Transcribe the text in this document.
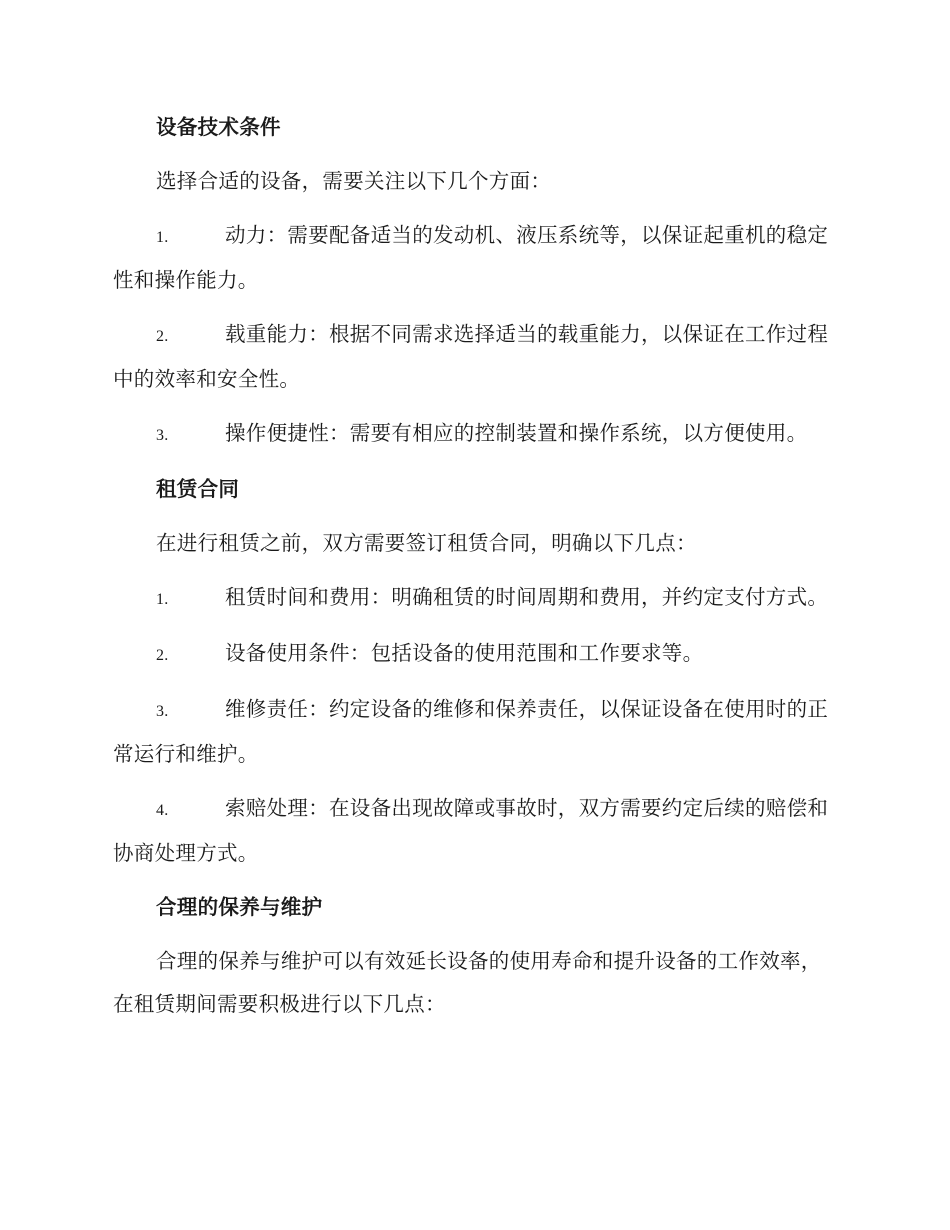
设备技术条件

选择合适的设备，需要关注以下几个方面：

1.	动力：需要配备适当的发动机、液压系统等，以保证起重机的稳定性和操作能力。

2.	载重能力：根据不同需求选择适当的载重能力，以保证在工作过程中的效率和安全性。

3.	操作便捷性：需要有相应的控制装置和操作系统，以方便使用。

租赁合同

在进行租赁之前，双方需要签订租赁合同，明确以下几点：

1.	租赁时间和费用：明确租赁的时间周期和费用，并约定支付方式。

2.	设备使用条件：包括设备的使用范围和工作要求等。

3.	维修责任：约定设备的维修和保养责任，以保证设备在使用时的正常运行和维护。

4.	索赔处理：在设备出现故障或事故时，双方需要约定后续的赔偿和协商处理方式。

合理的保养与维护

合理的保养与维护可以有效延长设备的使用寿命和提升设备的工作效率，在租赁期间需要积极进行以下几点：
